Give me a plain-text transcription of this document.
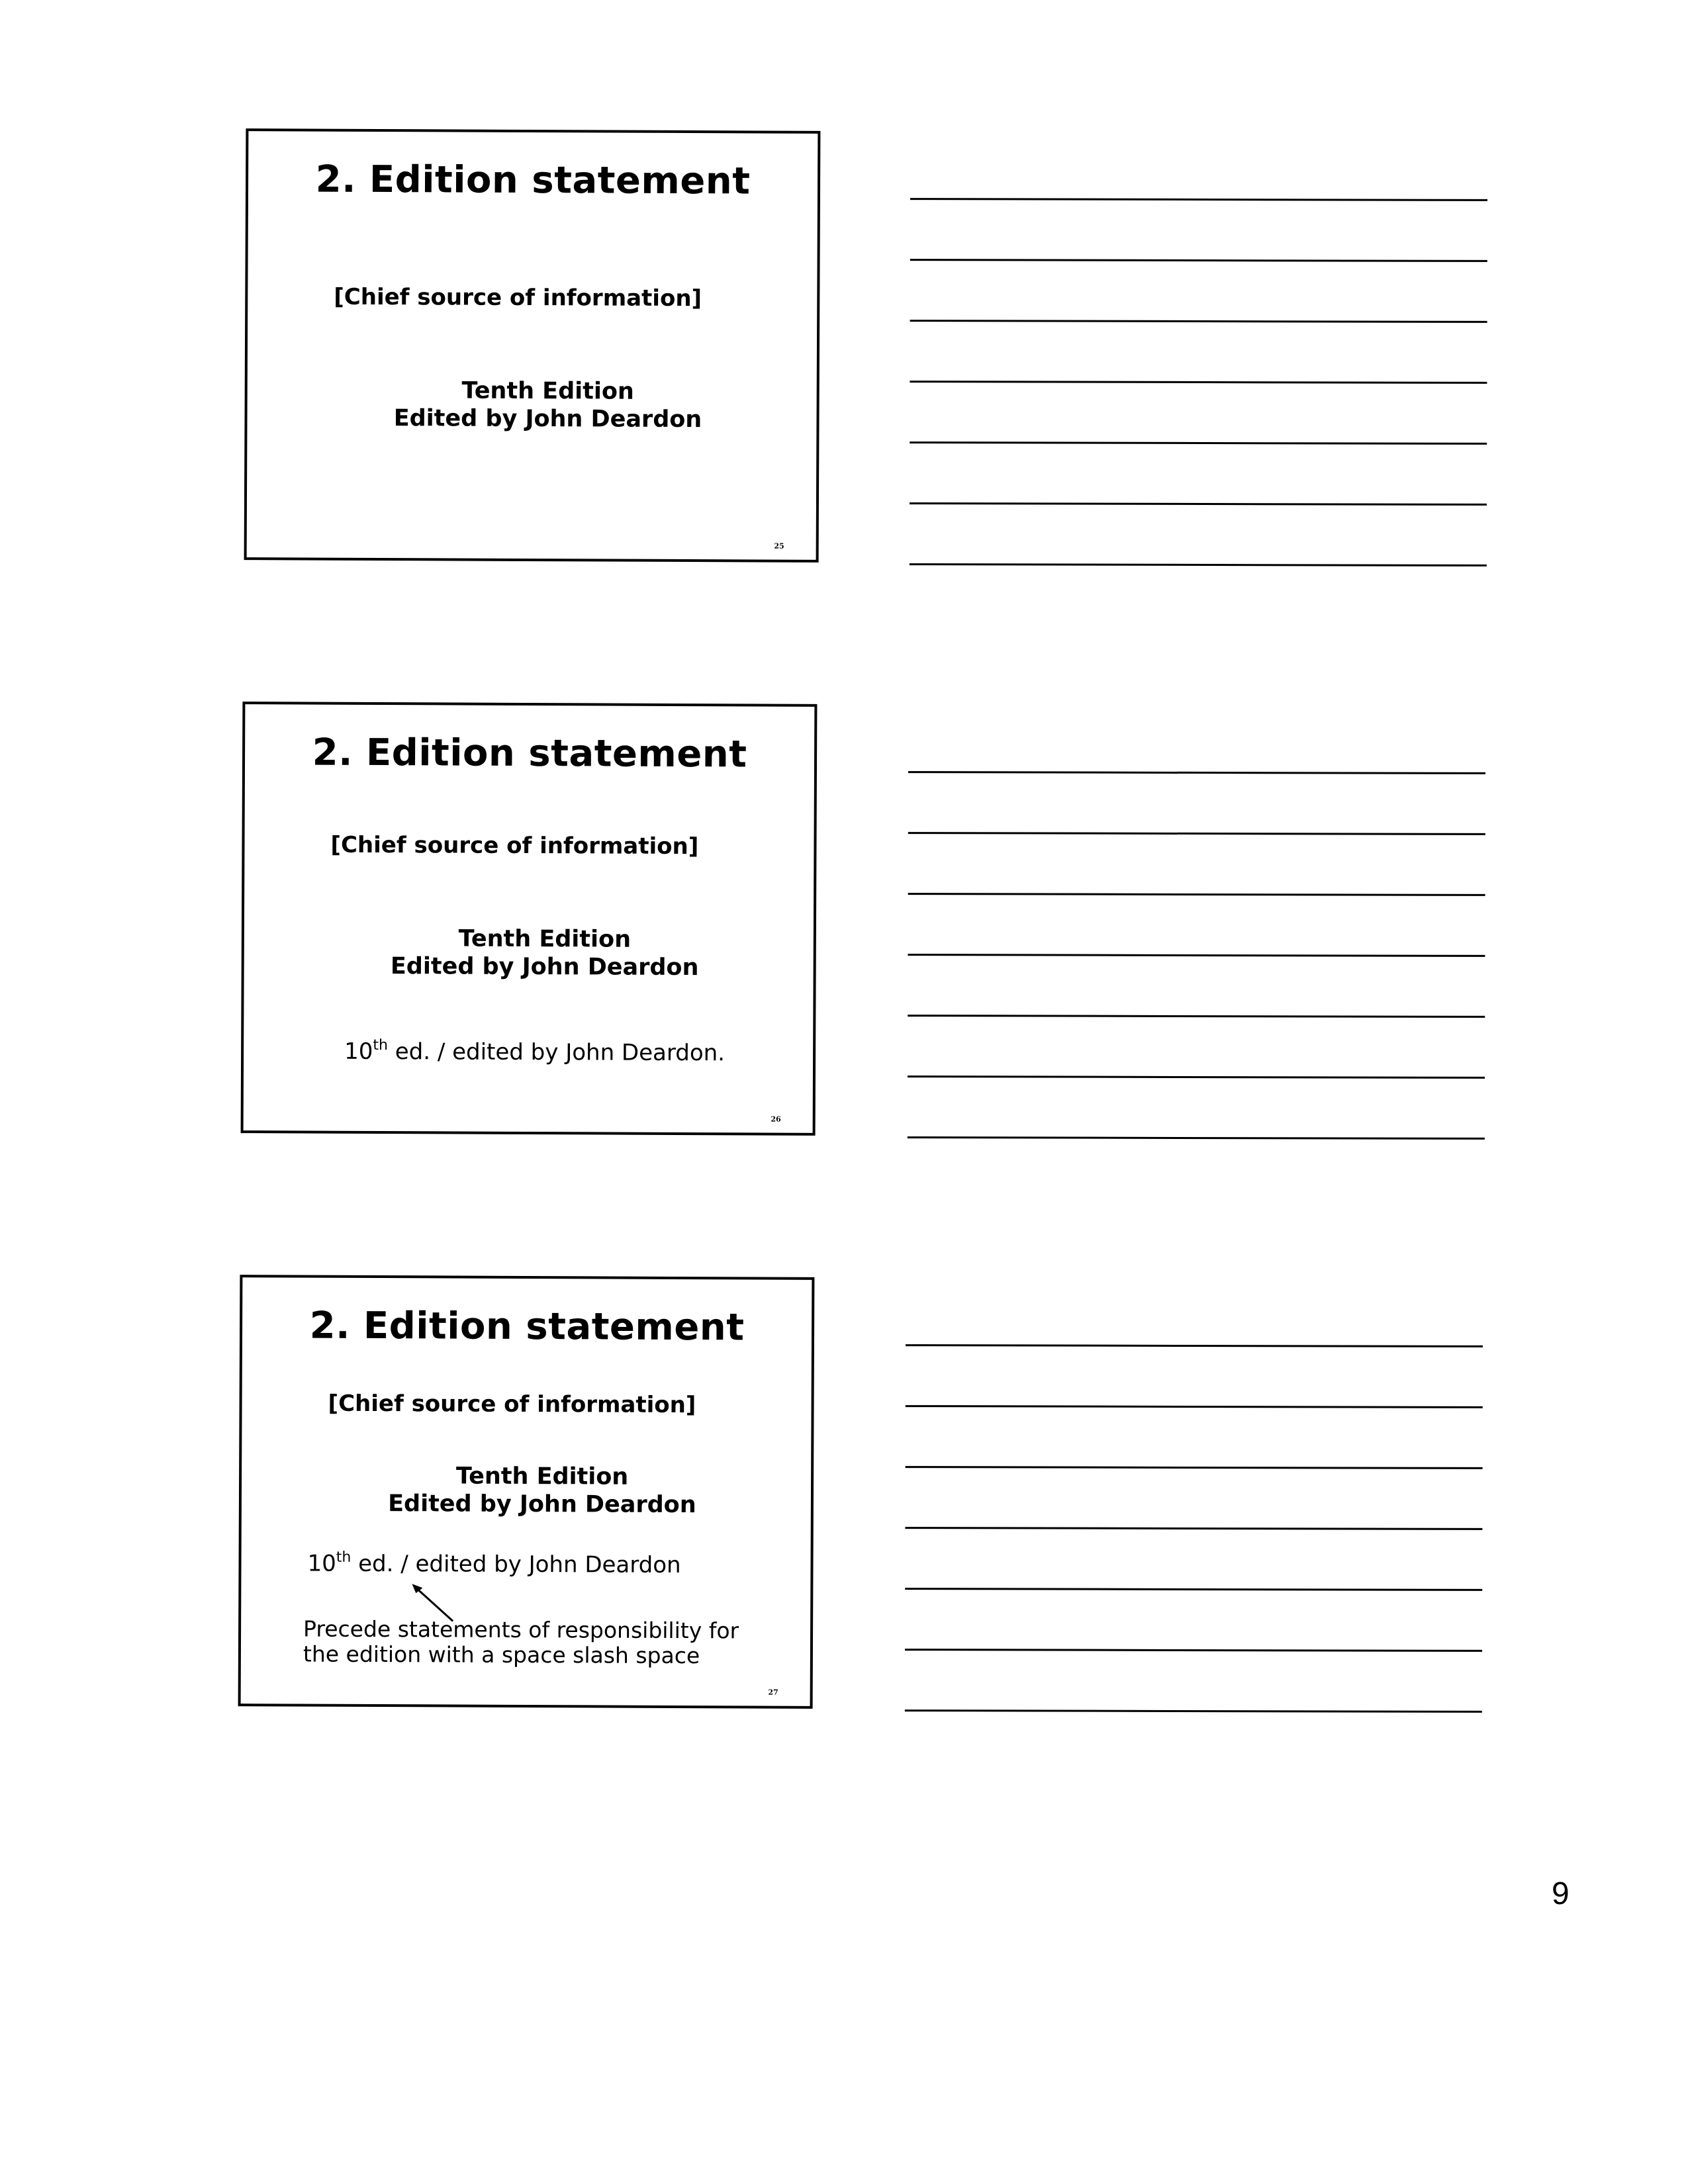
2. Edition statement
[Chief source of information]
Tenth Edition
Edited by John Deardon
25
2. Edition statement
[Chief source of information]
Tenth Edition
Edited by John Deardon
10th ed. / edited by John Deardon.
26
2. Edition statement
[Chief source of information]
Tenth Edition
Edited by John Deardon
10th ed. / edited by John Deardon
Precede statements of responsibility for
the edition with a space slash space
27
9
